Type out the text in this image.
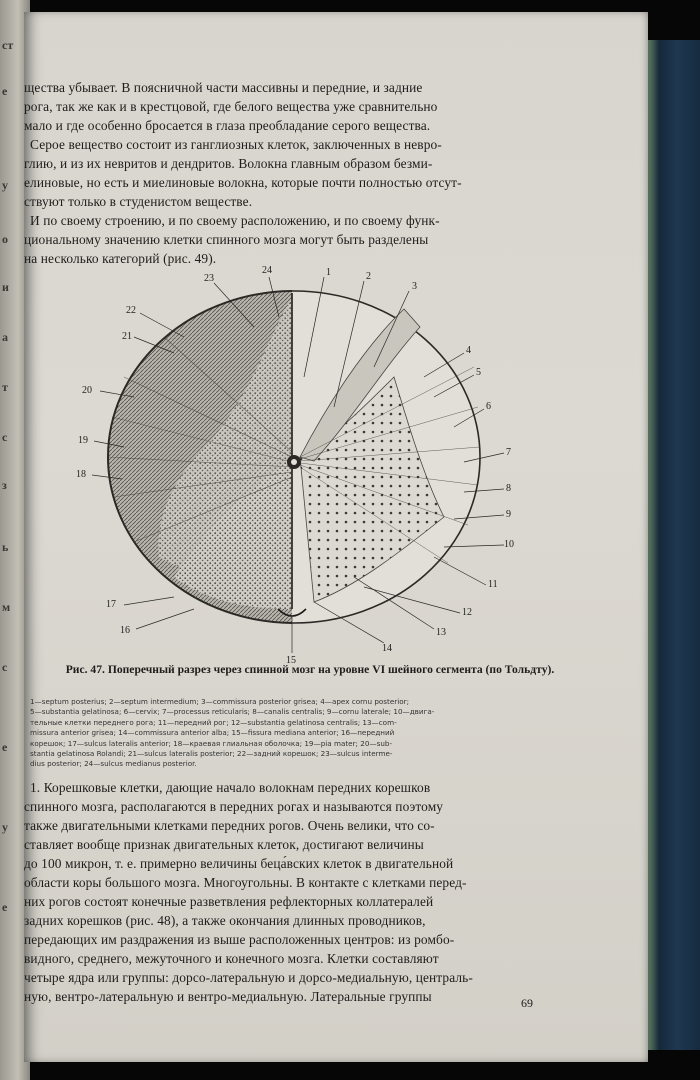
ст
е
у
о
и
а
т
с
з
ь
м
с
е
у
е
щества убывает. В поясничной части массивны и передние, и задние
рога, так же как и в крестцовой, где белого вещества уже сравнительно
мало и где особенно бросается в глаза преобладание серого вещества.
Серое вещество состоит из ганглиозных клеток, заключенных в невро-
глию, и из их невритов и дендритов. Волокна главным образом безми-
елиновые, но есть и миелиновые волокна, которые почти полностью отсут-
ствуют только в студенистом веществе.
И по своему строению, и по своему расположению, и по своему функ-
циональному значению клетки спинного мозга могут быть разделены
на несколько категорий (рис. 49).
1	2
3
4
5
6
7
8
9
10
11
12
13
14
15
24
23
22
21
20
19
18
17
16
Рис. 47. Поперечный разрез через спинной мозг на уровне VI шейного сегмента (по Тольдту).
1—septum posterius; 2—septum intermedium; 3—commissura posterior grisea; 4—apex cornu posterior;
5—substantia gelatinosa; 6—cervix; 7—processus reticularis; 8—canalis centralis; 9—cornu laterale; 10—двига-
тельные клетки переднего рога; 11—передний рог; 12—substantia gelatinosa centralis; 13—com-
missura anterior grisea; 14—commissura anterior alba; 15—fissura mediana anterior; 16—передний
корешок; 17—sulcus lateralis anterior; 18—краевая глиальная оболочка; 19—pia mater; 20—sub-
stantia gelatinosa Rolandi; 21—sulcus lateralis posterior; 22—задний корешок; 23—sulcus interme-
dius posterior; 24—sulcus medianus posterior.
1. Корешковые клетки, дающие начало волокнам передних корешков
спинного мозга, располагаются в передних рогах и называются поэтому
также двигательными клетками передних рогов. Очень велики, что со-
ставляет вообще признак двигательных клеток, достигают величины
до 100 микрон, т. е. примерно величины беца́вских клеток в двигательной
области коры большого мозга. Многоугольны. В контакте с клетками перед-
них рогов состоят конечные разветвления рефлекторных коллатералей
задних корешков (рис. 48), а также окончания длинных проводников,
передающих им раздражения из выше расположенных центров: из ромбо-
видного, среднего, межуточного и конечного мозга. Клетки составляют
четыре ядра или группы: дорсо-латеральную и дорсо-медиальную, централь-
ную, вентро-латеральную и вентро-медиальную. Латеральные группы	69
